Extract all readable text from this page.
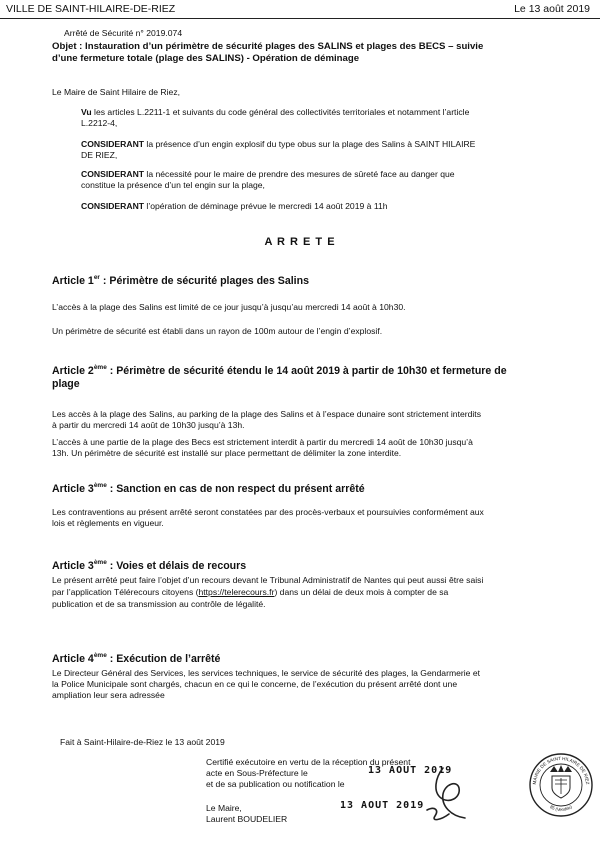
VILLE DE SAINT-HILAIRE-DE-RIEZ	Le 13 août 2019
Arrêté de Sécurité n° 2019.074
Objet : Instauration d’un périmètre de sécurité plages des SALINS et plages des BECS – suivie
d’une fermeture totale (plage des SALINS) - Opération de déminage
Le Maire de Saint Hilaire de Riez,
Vu les articles L.2211-1 et suivants du code général des collectivités territoriales et notamment l’article
L.2212-4,
CONSIDERANT la présence d’un engin explosif du type obus sur la plage des Salins à SAINT HILAIRE
DE RIEZ,
CONSIDERANT la nécessité pour le maire de prendre des mesures de sûreté face au danger que
constitue la présence d’un tel engin sur la plage,
CONSIDERANT l’opération de déminage prévue le mercredi 14 août 2019 à 11h
A R R E T E
Article 1er : Périmètre de sécurité plages des Salins
L’accès à la plage des Salins est limité de ce jour jusqu’à jusqu’au mercredi 14 août à 10h30.
Un périmètre de sécurité est établi dans un rayon de 100m autour de l’engin d’explosif.
Article 2ème : Périmètre de sécurité étendu le 14 août 2019 à partir de 10h30 et fermeture de
plage
Les accès à la plage des Salins, au parking de la plage des Salins et à l’espace dunaire sont strictement interdits
à partir du mercredi 14 août de 10h30 jusqu’à 13h.
L’accès à une partie de la plage des Becs est strictement interdit à partir du mercredi 14 août de 10h30 jusqu’à
13h. Un périmètre de sécurité est installé sur place permettant de délimiter la zone interdite.
Article 3ème : Sanction en cas de non respect du présent arrêté
Les contraventions au présent arrêté seront constatées par des procès-verbaux et poursuivies conformément aux
lois et règlements en vigueur.
Article 3ème : Voies et délais de recours
Le présent arrêté peut faire l’objet d’un recours devant le Tribunal Administratif de Nantes qui peut aussi être saisi
par l’application Télérecours citoyens (https://telerecours.fr) dans un délai de deux mois à compter de sa
publication et de sa transmission au contrôle de légalité.
Article 4ème : Exécution de l’arrêté
Le Directeur Général des Services, les services techniques, le service de sécurité des plages, la Gendarmerie et
la Police Municipale sont chargés, chacun en ce qui le concerne, de l’exécution du présent arrêté dont une
ampliation leur sera adressée
Fait à Saint-Hilaire-de-Riez le 13 août 2019
Certifié exécutoire en vertu de la réception du présent
acte en Sous-Préfecture le
et de sa publication ou notification le
13 AOUT 2019
13 AOUT 2019
Le Maire,
Laurent BOUDELIER
MAIRIE DE SAINT HILAIRE DE RIEZ
85 (Vendée)
